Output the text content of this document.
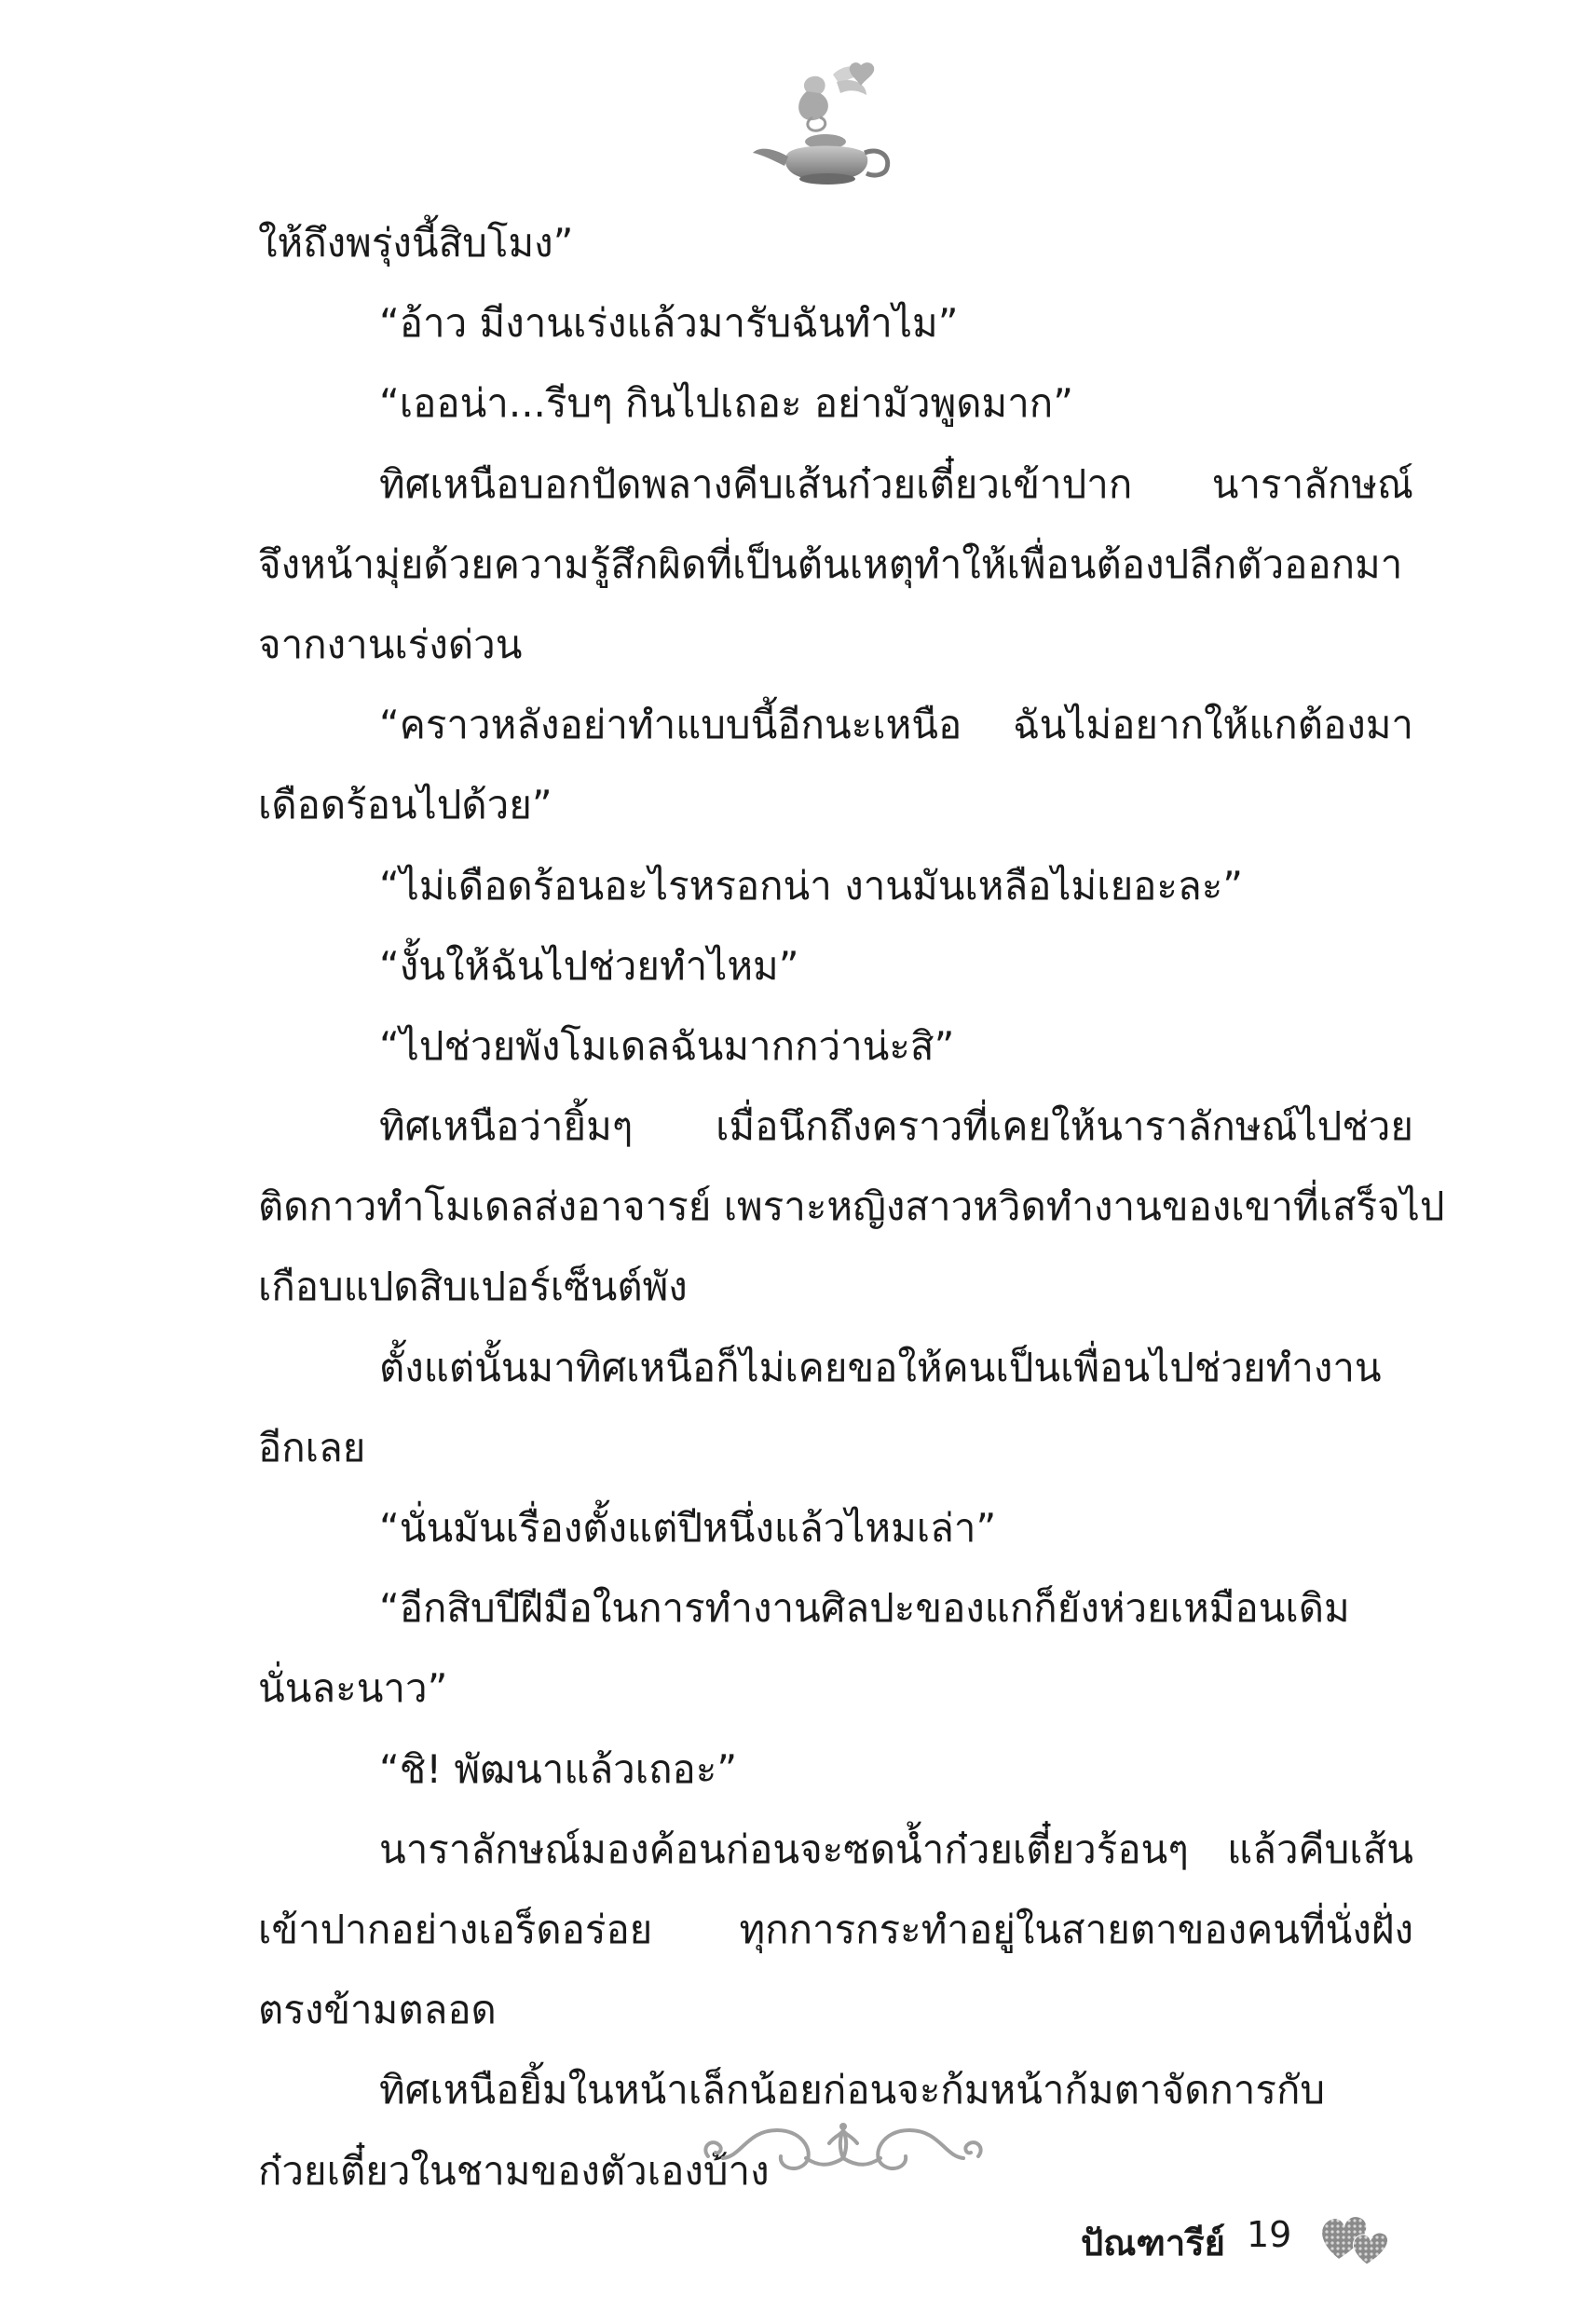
ให้ถึงพรุ่งนี้สิบโมง”
“อ้าว มีงานเร่งแล้วมารับฉันทำไม”
“เออน่า...รีบๆ กินไปเถอะ อย่ามัวพูดมาก”
ทิศเหนือบอกปัดพลางคีบเส้นก๋วยเตี๋ยวเข้าปาก นาราลักษณ์
จึงหน้ามุ่ยด้วยความรู้สึกผิดที่เป็นต้นเหตุทำให้เพื่อนต้องปลีกตัวออกมา
จากงานเร่งด่วน
“คราวหลังอย่าทำแบบนี้อีกนะเหนือ ฉันไม่อยากให้แกต้องมา
เดือดร้อนไปด้วย”
“ไม่เดือดร้อนอะไรหรอกน่า งานมันเหลือไม่เยอะละ”
“งั้นให้ฉันไปช่วยทำไหม”
“ไปช่วยพังโมเดลฉันมากกว่าน่ะสิ”
ทิศเหนือว่ายิ้มๆ เมื่อนึกถึงคราวที่เคยให้นาราลักษณ์ไปช่วย
ติดกาวทำโมเดลส่งอาจารย์ เพราะหญิงสาวหวิดทำงานของเขาที่เสร็จไป
เกือบแปดสิบเปอร์เซ็นต์พัง
ตั้งแต่นั้นมาทิศเหนือก็ไม่เคยขอให้คนเป็นเพื่อนไปช่วยทำงาน
อีกเลย
“นั่นมันเรื่องตั้งแต่ปีหนึ่งแล้วไหมเล่า”
“อีกสิบปีฝีมือในการทำงานศิลปะของแกก็ยังห่วยเหมือนเดิม
นั่นละนาว”
“ชิ! พัฒนาแล้วเถอะ”
นาราลักษณ์มองค้อนก่อนจะซดน้ำก๋วยเตี๋ยวร้อนๆ แล้วคีบเส้น
เข้าปากอย่างเอร็ดอร่อย ทุกการกระทำอยู่ในสายตาของคนที่นั่งฝั่ง
ตรงข้ามตลอด
ทิศเหนือยิ้มในหน้าเล็กน้อยก่อนจะก้มหน้าก้มตาจัดการกับ
ก๋วยเตี๋ยวในชามของตัวเองบ้าง
ปัณฑารีย์ 19
